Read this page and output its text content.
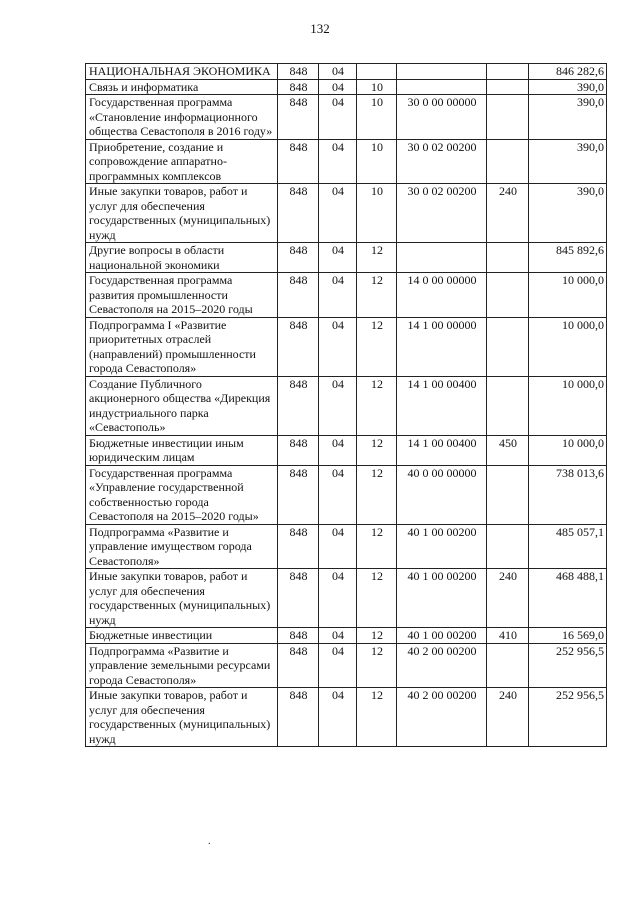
132
НАЦИОНАЛЬНАЯ ЭКОНОМИКА	848	04				846 282,6
Связь и информатика	848	04	10			390,0
Государственная программа «Становление информационного общества Севастополя в 2016 году»	848	04	10	30 0 00 00000		390,0
Приобретение, создание и сопровождение аппаратно-программных комплексов	848	04	10	30 0 02 00200		390,0
Иные закупки товаров, работ и услуг для обеспечения государственных (муниципальных) нужд	848	04	10	30 0 02 00200	240	390,0
Другие вопросы в области национальной экономики	848	04	12			845 892,6
Государственная программа развития промышленности Севастополя на 2015–2020 годы	848	04	12	14 0 00 00000		10 000,0
Подпрограмма I «Развитие приоритетных отраслей (направлений) промышленности города Севастополя»	848	04	12	14 1 00 00000		10 000,0
Создание Публичного акционерного общества «Дирекция индустриального парка «Севастополь»	848	04	12	14 1 00 00400		10 000,0
Бюджетные инвестиции иным юридическим лицам	848	04	12	14 1 00 00400	450	10 000,0
Государственная программа «Управление государственной собственностью города Севастополя на 2015–2020 годы»	848	04	12	40 0 00 00000		738 013,6
Подпрограмма «Развитие и управление имуществом города Севастополя»	848	04	12	40 1 00 00200		485 057,1
Иные закупки товаров, работ и услуг для обеспечения государственных (муниципальных) нужд	848	04	12	40 1 00 00200	240	468 488,1
Бюджетные инвестиции	848	04	12	40 1 00 00200	410	16 569,0
Подпрограмма «Развитие и управление земельными ресурсами города Севастополя»	848	04	12	40 2 00 00200		252 956,5
Иные закупки товаров, работ и услуг для обеспечения государственных (муниципальных) нужд	848	04	12	40 2 00 00200	240	252 956,5
.
